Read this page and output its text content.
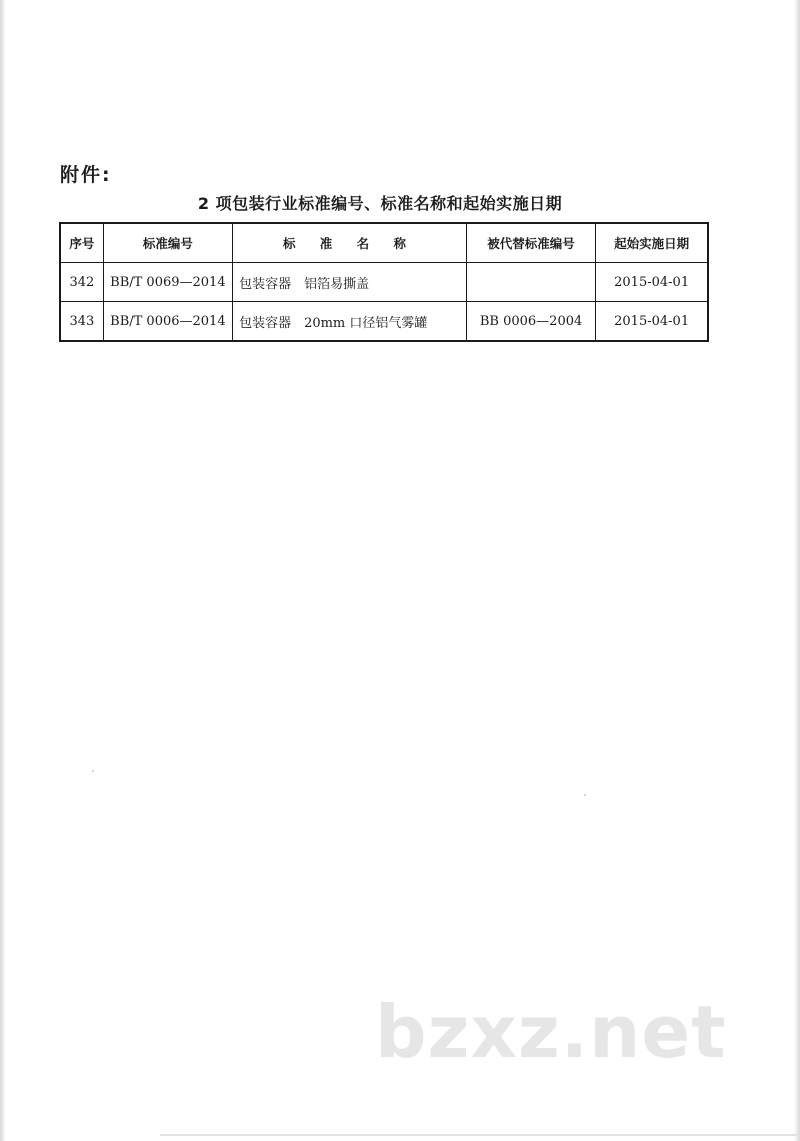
附件:
2 项包装行业标准编号、标准名称和起始实施日期
序号	标准编号	标 准 名 称	被代替标准编号	起始实施日期
342	BB/T 0069—2014	包装容器　铝箔易撕盖		2015-04-01
343	BB/T 0006—2014	包装容器　20mm 口径铝气雾罐	BB 0006—2004	2015-04-01
bzxz.net
